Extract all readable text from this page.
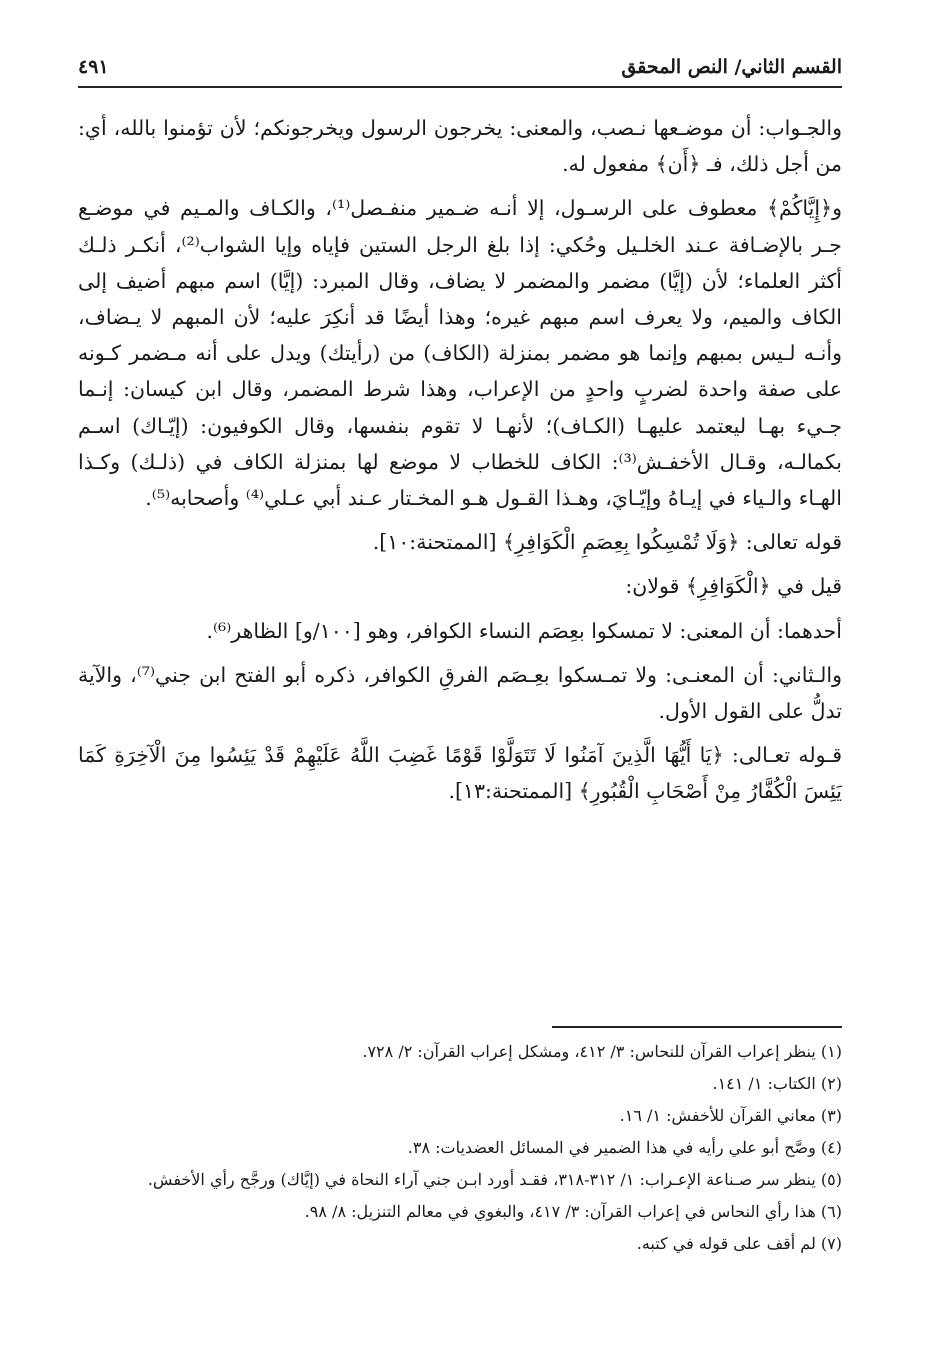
القسم الثاني/ النص المحقق
٤٩١

والجـواب: أن موضـعها نـصب، والمعنى: يخرجون الرسول ويخرجونكم؛ لأن تؤمنوا بالله، أي: من أجل ذلك، فـ ﴿أَن﴾ مفعول له.

و﴿إِيَّاكُمْ﴾ معطوف على الرسـول، إلا أنـه ضـمير منفـصل⁽¹⁾، والكـاف والمـيم في موضـع جـر بالإضـافة عـند الخلـيل وحُكي: إذا بلغ الرجل الستين فإياه وإيا الشواب⁽²⁾، أنكـر ذلـك أكثر العلماء؛ لأن (إيَّا) مضمر والمضمر لا يضاف، وقال المبرد: (إيَّا) اسم مبهم أضيف إلى الكاف والميم، ولا يعرف اسم مبهم غيره؛ وهذا أيضًا قد أنكِرَ عليه؛ لأن المبهم لا يـضاف، وأنـه لـيس بمبهم وإنما هو مضمر بمنزلة (الكاف) من (رأيتك) ويدل على أنه مـضمر كـونه على صفة واحدة لضربٍ واحدٍ من الإعراب، وهذا شرط المضمر، وقال ابن كيسان: إنـما جـيء بهـا ليعتمد عليهـا (الكـاف)؛ لأنهـا لا تقوم بنفسها، وقال الكوفيون: (إيّـاك) اسـم بكمالـه، وقـال الأخفـش⁽³⁾: الكاف للخطاب لا موضع لها بمنزلة الكاف في (ذلـك) وكـذا الهـاء والـياء في إيـاهُ وإيّـايَ، وهـذا القـول هـو المخـتار عـند أبي عـلي⁽⁴⁾ وأصحابه⁽⁵⁾.

قوله تعالى: ﴿وَلَا تُمْسِكُوا بِعِصَمِ الْكَوَافِرِ﴾ [الممتحنة:١٠].

قيل في ﴿الْكَوَافِرِ﴾ قولان:

أحدهما: أن المعنى: لا تمسكوا بعِصَم النساء الكوافر، وهو [١٠٠/و] الظاهر⁽⁶⁾.

والـثاني: أن المعنـى: ولا تمـسكوا بعِـصَم الفرقِ الكوافر، ذكره أبو الفتح ابن جني⁽⁷⁾، والآية تدلُّ على القول الأول.

قـوله تعـالى: ﴿يَا أَيُّهَا الَّذِينَ آمَنُوا لَا تَتَوَلَّوْا قَوْمًا غَضِبَ اللَّهُ عَلَيْهِمْ قَدْ يَئِسُوا مِنَ الْآخِرَةِ كَمَا يَئِسَ الْكُفَّارُ مِنْ أَصْحَابِ الْقُبُورِ﴾ [الممتحنة:١٣].

(١) ينظر إعراب القرآن للنحاس: ٣/ ٤١٢، ومشكل إعراب القرآن: ٢/ ٧٢٨.

(٢) الكتاب: ١/ ١٤١.

(٣) معاني القرآن للأخفش: ١/ ١٦.

(٤) وصَّح أبو علي رأيه في هذا الضمير في المسائل العضديات: ٣٨.

(٥) ينظر سر صـناعة الإعـراب: ١/ ٣١٢-٣١٨، فقـد أورد ابـن جني آراء النحاة في (إيَّاك) ورجَّح رأي الأخفش.

(٦) هذا رأي النحاس في إعراب القرآن: ٣/ ٤١٧، والبغوي في معالم التنزيل: ٨/ ٩٨.

(٧) لم أقف على قوله في كتبه.
